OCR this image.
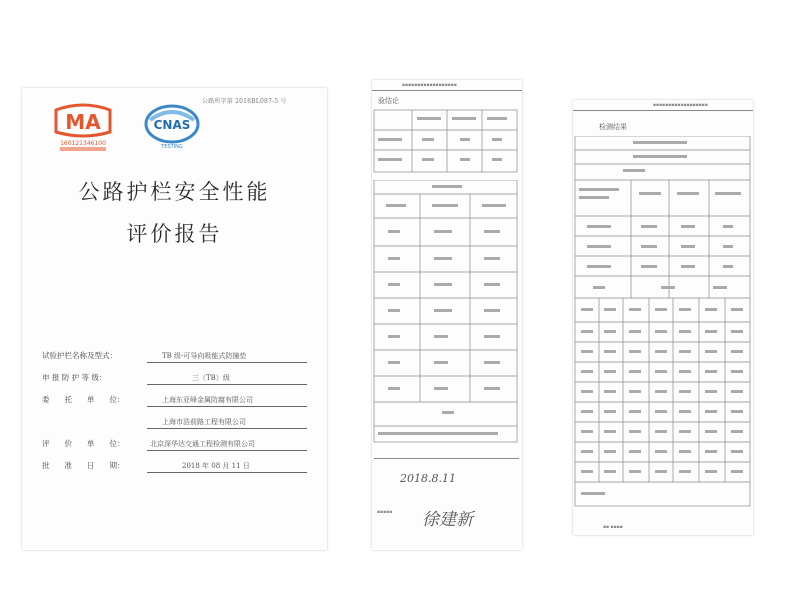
MA
160121346100
CNAS
TESTING
公路所字第 2018BL087-5 号
公路护栏安全性能
评价报告
试验护栏名称及型式：	TB 级-可导向吸能式防撞垫
申 报 防 护 等 级：	三（TB）级
委　　托　　单　　位：	上海东亚峰金属防腐有限公司
上海市浩前路工程有限公司
评　　价　　单　　位：	北京深华达交通工程检测有限公司
批　　准　　日　　期：	2018 年 08 月 11 日
▪▪▪▪▪▪▪▪▪▪▪▪▪▪▪▪▪▪
验结论
2018.8.11
徐建新
▪▪▪▪▪
▪▪▪▪▪▪▪▪▪▪▪▪▪▪▪▪▪▪
检测结果
▪▪ ▪▪▪▪
